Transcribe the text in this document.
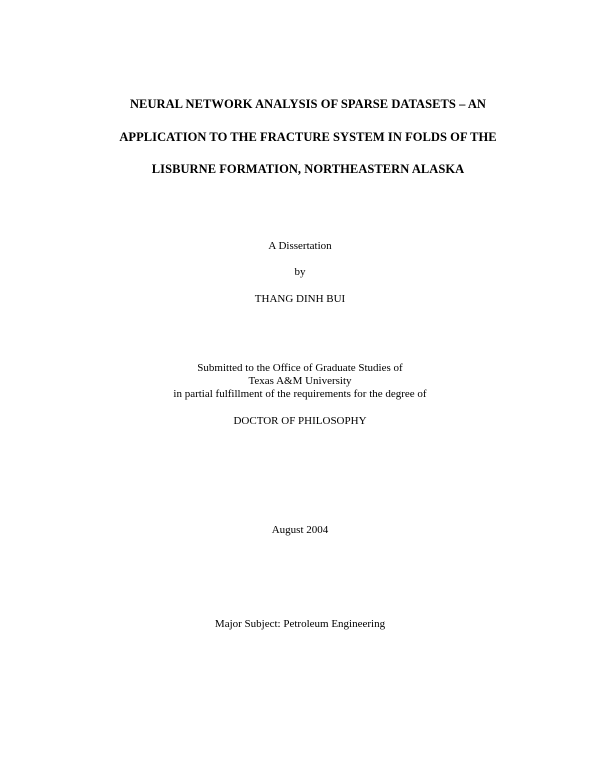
NEURAL NETWORK ANALYSIS OF SPARSE DATASETS – AN
APPLICATION TO THE FRACTURE SYSTEM IN FOLDS OF THE
LISBURNE FORMATION, NORTHEASTERN ALASKA
A Dissertation
by
THANG DINH BUI
Submitted to the Office of Graduate Studies of
Texas A&M University
in partial fulfillment of the requirements for the degree of
DOCTOR OF PHILOSOPHY
August 2004
Major Subject: Petroleum Engineering
